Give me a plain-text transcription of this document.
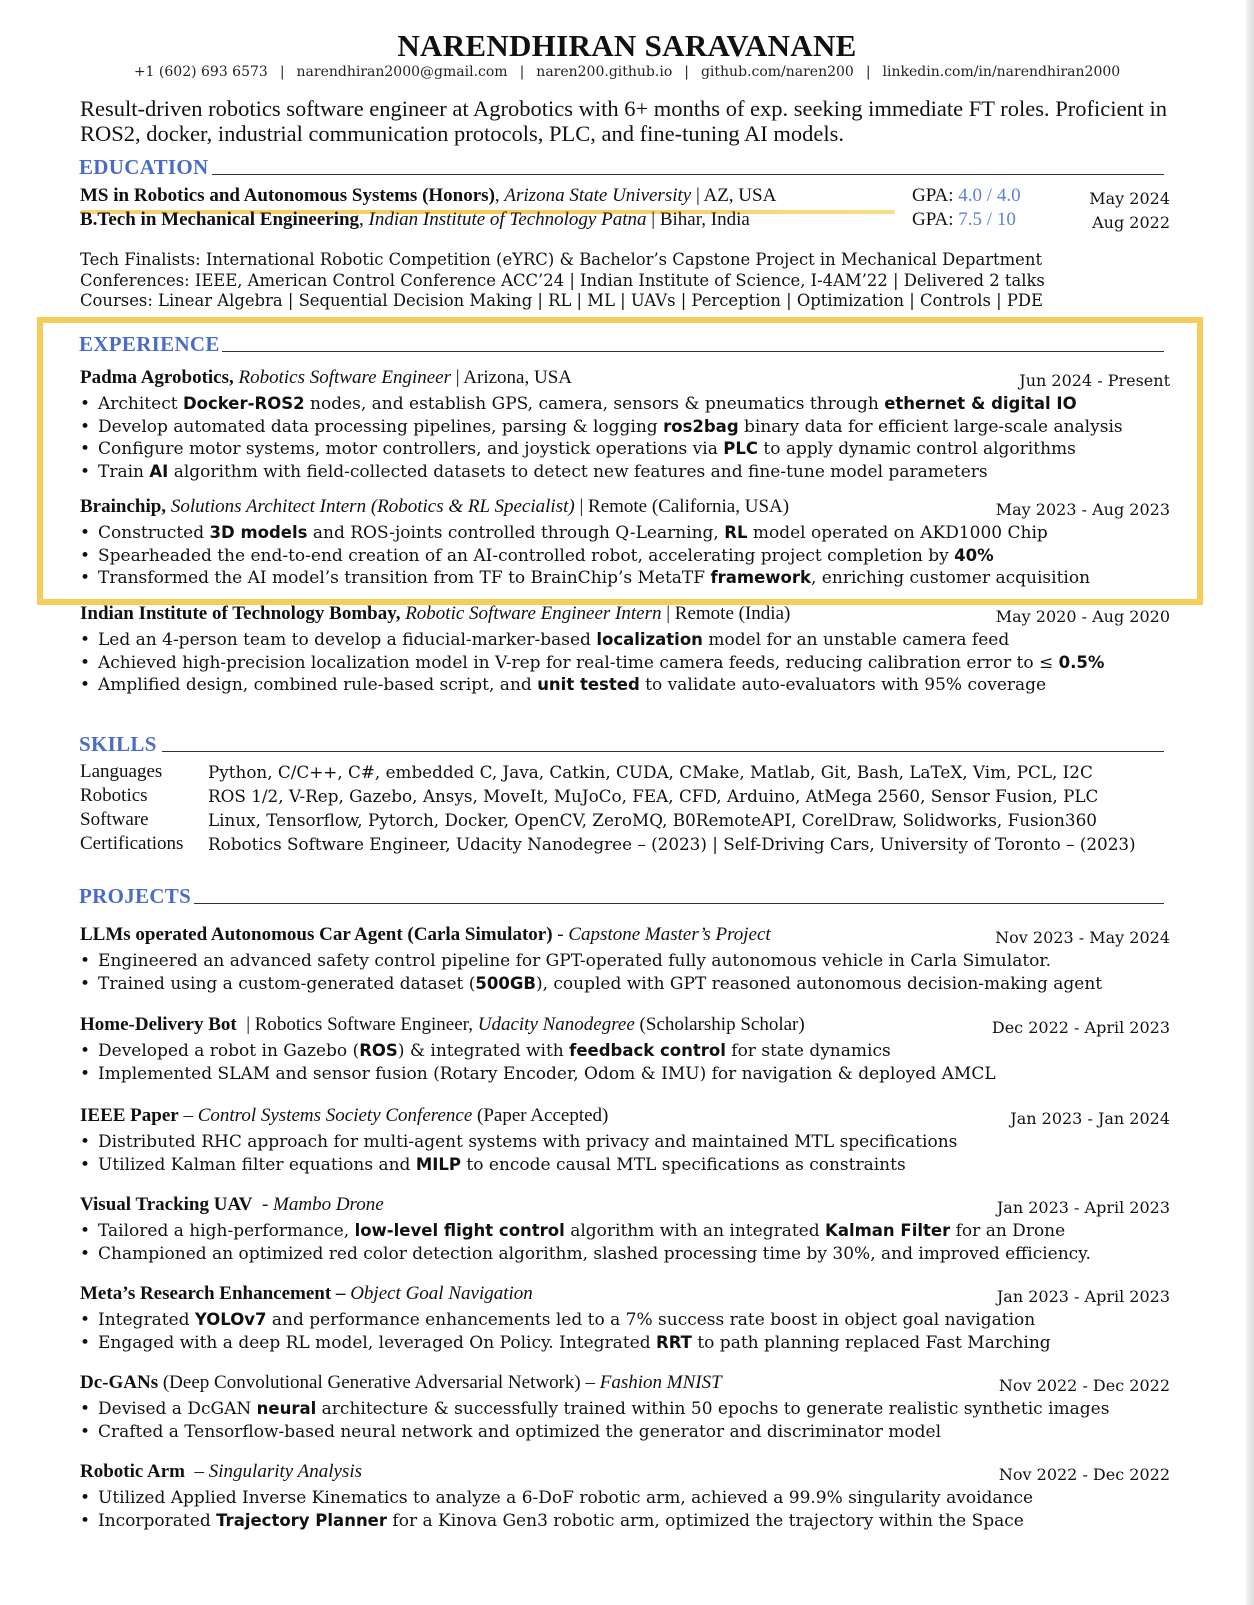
NARENDHIRAN SARAVANANE
+1 (602) 693 6573 | narendhiran2000@gmail.com | naren200.github.io | github.com/naren200 | linkedin.com/in/narendhiran2000
Result-driven robotics software engineer at Agrobotics with 6+ months of exp. seeking immediate FT roles. Proficient in ROS2, docker, industrial communication protocols, PLC, and fine-tuning AI models.
EDUCATION
MS in Robotics and Autonomous Systems (Honors), Arizona State University | AZ, USA	GPA: 4.0 / 4.0	May 2024
B.Tech in Mechanical Engineering, Indian Institute of Technology Patna | Bihar, India	GPA: 7.5 / 10	Aug 2022
Tech Finalists: International Robotic Competition (eYRC) & Bachelor’s Capstone Project in Mechanical Department
Conferences: IEEE, American Control Conference ACC’24 | Indian Institute of Science, I-4AM’22 | Delivered 2 talks
Courses: Linear Algebra | Sequential Decision Making | RL | ML | UAVs | Perception | Optimization | Controls | PDE
EXPERIENCE
Padma Agrobotics, Robotics Software Engineer | Arizona, USA	Jun 2024 - Present
• Architect Docker-ROS2 nodes, and establish GPS, camera, sensors & pneumatics through ethernet & digital IO
• Develop automated data processing pipelines, parsing & logging ros2bag binary data for efficient large-scale analysis
• Configure motor systems, motor controllers, and joystick operations via PLC to apply dynamic control algorithms
• Train AI algorithm with field-collected datasets to detect new features and fine-tune model parameters
Brainchip, Solutions Architect Intern (Robotics & RL Specialist) | Remote (California, USA)	May 2023 - Aug 2023
• Constructed 3D models and ROS-joints controlled through Q-Learning, RL model operated on AKD1000 Chip
• Spearheaded the end-to-end creation of an AI-controlled robot, accelerating project completion by 40%
• Transformed the AI model’s transition from TF to BrainChip’s MetaTF framework, enriching customer acquisition
Indian Institute of Technology Bombay, Robotic Software Engineer Intern | Remote (India)	May 2020 - Aug 2020
• Led an 4-person team to develop a fiducial-marker-based localization model for an unstable camera feed
• Achieved high-precision localization model in V-rep for real-time camera feeds, reducing calibration error to ≤ 0.5%
• Amplified design, combined rule-based script, and unit tested to validate auto-evaluators with 95% coverage
SKILLS
Languages	Python, C/C++, C#, embedded C, Java, Catkin, CUDA, CMake, Matlab, Git, Bash, LaTeX, Vim, PCL, I2C
Robotics	ROS 1/2, V-Rep, Gazebo, Ansys, MoveIt, MuJoCo, FEA, CFD, Arduino, AtMega 2560, Sensor Fusion, PLC
Software	Linux, Tensorflow, Pytorch, Docker, OpenCV, ZeroMQ, B0RemoteAPI, CorelDraw, Solidworks, Fusion360
Certifications Robotics Software Engineer, Udacity Nanodegree – (2023) | Self-Driving Cars, University of Toronto – (2023)
PROJECTS
LLMs operated Autonomous Car Agent (Carla Simulator) - Capstone Master’s Project	Nov 2023 - May 2024
• Engineered an advanced safety control pipeline for GPT-operated fully autonomous vehicle in Carla Simulator.
• Trained using a custom-generated dataset (500GB), coupled with GPT reasoned autonomous decision-making agent
Home-Delivery Bot  | Robotics Software Engineer, Udacity Nanodegree (Scholarship Scholar)	Dec 2022 - April 2023
• Developed a robot in Gazebo (ROS) & integrated with feedback control for state dynamics
• Implemented SLAM and sensor fusion (Rotary Encoder, Odom & IMU) for navigation & deployed AMCL
IEEE Paper – Control Systems Society Conference (Paper Accepted)	Jan 2023 - Jan 2024
• Distributed RHC approach for multi-agent systems with privacy and maintained MTL specifications
• Utilized Kalman filter equations and MILP to encode causal MTL specifications as constraints
Visual Tracking UAV  - Mambo Drone	Jan 2023 - April 2023
• Tailored a high-performance, low-level flight control algorithm with an integrated Kalman Filter for an Drone
• Championed an optimized red color detection algorithm, slashed processing time by 30%, and improved efficiency.
Meta’s Research Enhancement – Object Goal Navigation	Jan 2023 - April 2023
• Integrated YOLOv7 and performance enhancements led to a 7% success rate boost in object goal navigation
• Engaged with a deep RL model, leveraged On Policy. Integrated RRT to path planning replaced Fast Marching
Dc-GANs (Deep Convolutional Generative Adversarial Network) – Fashion MNIST	Nov 2022 - Dec 2022
• Devised a DcGAN neural architecture & successfully trained within 50 epochs to generate realistic synthetic images
• Crafted a Tensorflow-based neural network and optimized the generator and discriminator model
Robotic Arm  – Singularity Analysis	Nov 2022 - Dec 2022
• Utilized Applied Inverse Kinematics to analyze a 6-DoF robotic arm, achieved a 99.9% singularity avoidance
• Incorporated Trajectory Planner for a Kinova Gen3 robotic arm, optimized the trajectory within the Space
